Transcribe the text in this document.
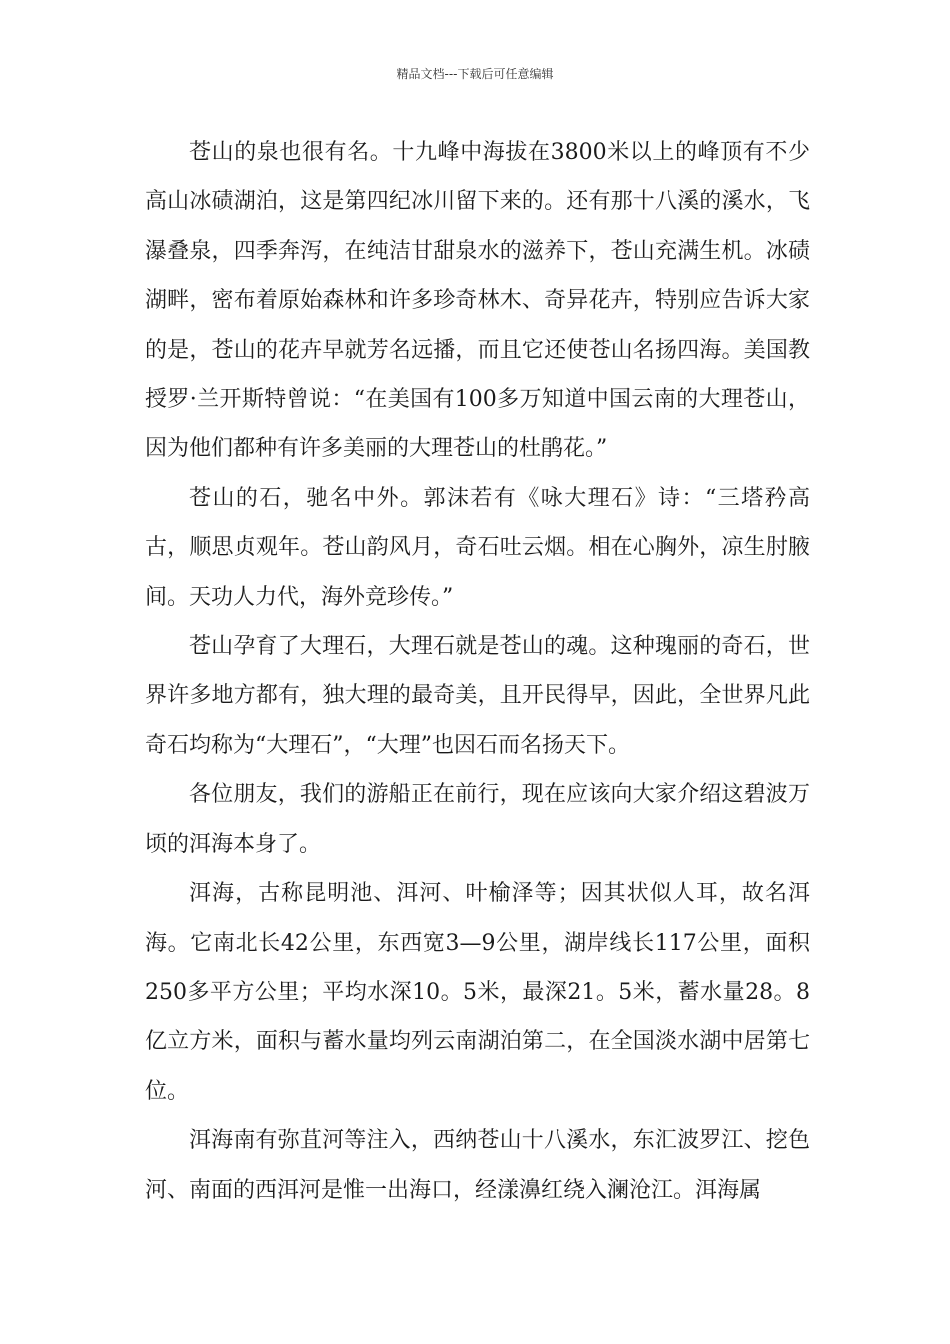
精品文档---下载后可任意编辑

苍山的泉也很有名。十九峰中海拔在3800米以上的峰顶有不少高山冰碛湖泊，这是第四纪冰川留下来的。还有那十八溪的溪水，飞瀑叠泉，四季奔泻，在纯洁甘甜泉水的滋养下，苍山充满生机。冰碛湖畔，密布着原始森林和许多珍奇林木、奇异花卉，特别应告诉大家的是，苍山的花卉早就芳名远播，而且它还使苍山名扬四海。美国教授罗·兰开斯特曾说：“在美国有100多万知道中国云南的大理苍山，因为他们都种有许多美丽的大理苍山的杜鹃花。”

苍山的石，驰名中外。郭沫若有《咏大理石》诗：“三塔矜高古，顺思贞观年。苍山韵风月，奇石吐云烟。相在心胸外，凉生肘腋间。天功人力代，海外竞珍传。”

苍山孕育了大理石，大理石就是苍山的魂。这种瑰丽的奇石，世界许多地方都有，独大理的最奇美，且开民得早，因此，全世界凡此奇石均称为“大理石”，“大理”也因石而名扬天下。

各位朋友，我们的游船正在前行，现在应该向大家介绍这碧波万顷的洱海本身了。

洱海，古称昆明池、洱河、叶榆泽等；因其状似人耳，故名洱海。它南北长42公里，东西宽3—9公里，湖岸线长117公里，面积250多平方公里；平均水深10。5米，最深21。5米，蓄水量28。8亿立方米，面积与蓄水量均列云南湖泊第二，在全国淡水湖中居第七位。

洱海南有弥苴河等注入，西纳苍山十八溪水，东汇波罗江、挖色河、南面的西洱河是惟一出海口，经漾濞红绕入澜沧江。洱海属
